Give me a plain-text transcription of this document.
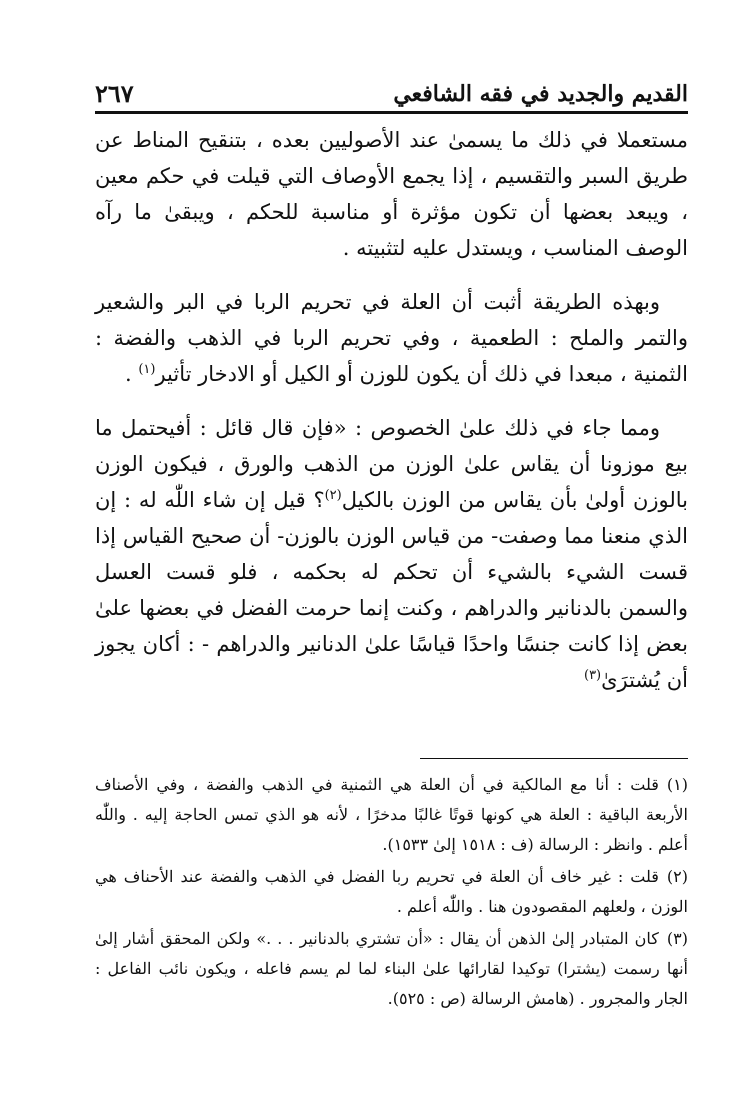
القديم والجديد في فقه الشافعي
٢٦٧

مستعملا في ذلك ما يسمىٰ عند الأصوليين بعده ، بتنقيح المناط عن طريق السبر والتقسيم ، إذا يجمع الأوصاف التي قيلت في حكم معين ، ويبعد بعضها أن تكون مؤثرة أو مناسبة للحكم ، ويبقىٰ ما رآه الوصف المناسب ، ويستدل عليه لتثبيته .

وبهذه الطريقة أثبت أن العلة في تحريم الربا في البر والشعير والتمر والملح : الطعمية ، وفي تحريم الربا في الذهب والفضة : الثمنية ، مبعدا في ذلك أن يكون للوزن أو الكيل أو الادخار تأثير$^{(١)}$ .

ومما جاء في ذلك علىٰ الخصوص : «فإن قال قائل : أفيحتمل ما بيع موزونا أن يقاس علىٰ الوزن من الذهب والورق ، فيكون الوزن بالوزن أولىٰ بأن يقاس من الوزن بالكيل$^{(٢)}$؟ قيل إن شاء اللّٰه له : إن الذي منعنا مما وصفت- من قياس الوزن بالوزن- أن صحيح القياس إذا قست الشيء بالشيء أن تحكم له بحكمه ، فلو قست العسل والسمن بالدنانير والدراهم ، وكنت إنما حرمت الفضل في بعضها علىٰ بعض إذا كانت جنسًا واحدًا قياسًا علىٰ الدنانير والدراهم - : أكان يجوز أن يُشترَىٰ$^{(٣)}$

(١)قلت : أنا مع المالكية في أن العلة هي الثمنية في الذهب والفضة ، وفي الأصناف الأربعة الباقية : العلة هي كونها قوتًا غالبًا مدخرًا ، لأنه هو الذي تمس الحاجة إليه . واللّٰه أعلم . وانظر : الرسالة (ف : ١٥١٨ إلىٰ ١٥٣٣).
(٢)قلت : غير خاف أن العلة في تحريم ربا الفضل في الذهب والفضة عند الأحناف هي الوزن ، ولعلهم المقصودون هنا . واللّٰه أعلم .
(٣)كان المتبادر إلىٰ الذهن أن يقال : «أن تشتري بالدنانير . . .» ولكن المحقق أشار إلىٰ أنها رسمت (يشترا) توكيدا لقارائها علىٰ البناء لما لم يسم فاعله ، ويكون نائب الفاعل : الجار والمجرور . (هامش الرسالة (ص : ٥٢٥).
